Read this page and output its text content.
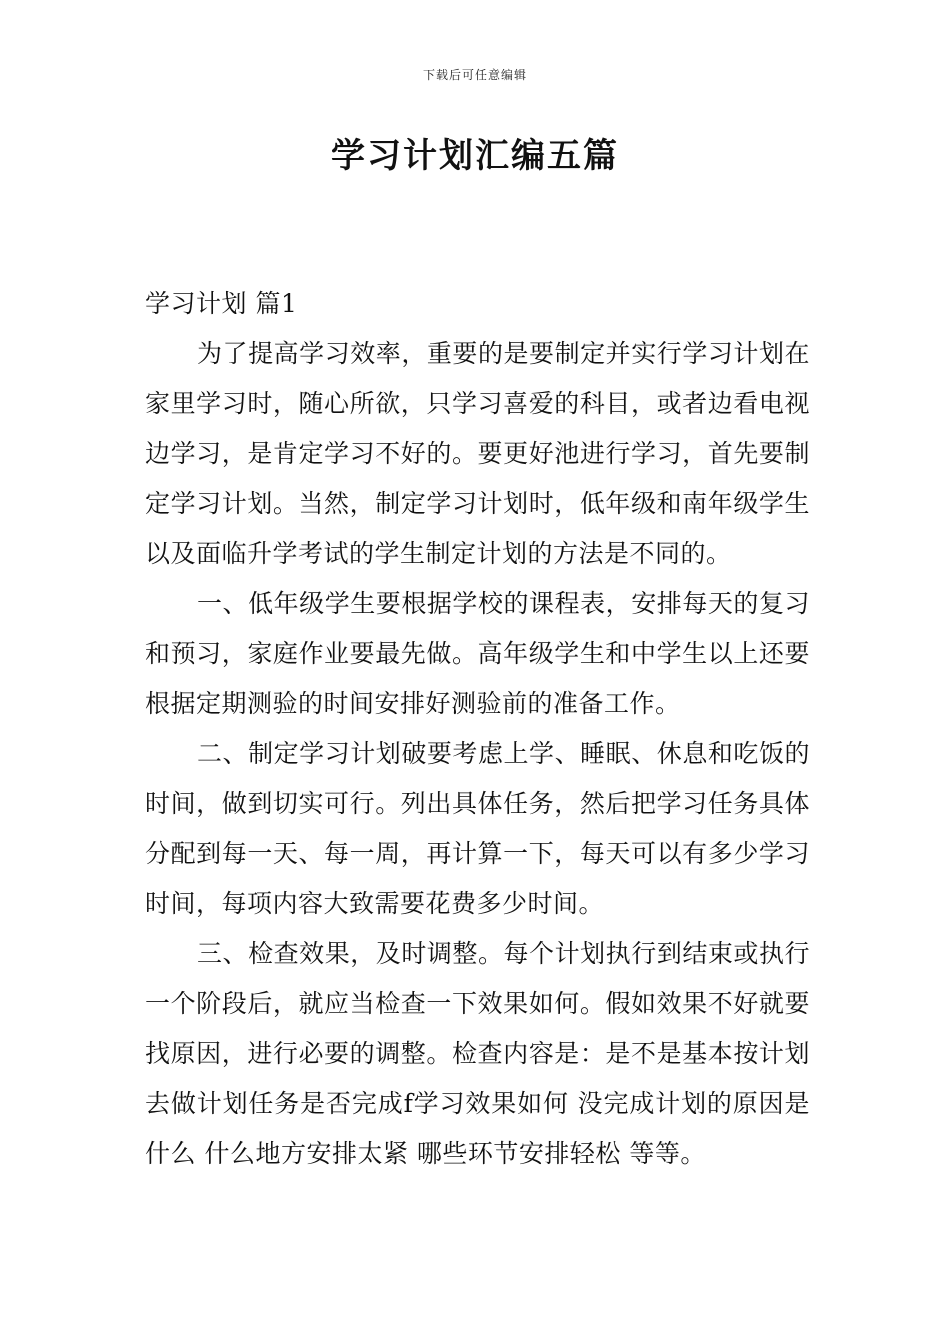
下载后可任意编辑
学习计划汇编五篇

学习计划 篇1

为了提高学习效率，重要的是要制定并实行学习计划在家里学习时，随心所欲，只学习喜爱的科目，或者边看电视边学习，是肯定学习不好的。要更好池进行学习，首先要制定学习计划。当然，制定学习计划时，低年级和南年级学生以及面临升学考试的学生制定计划的方法是不同的。

一、低年级学生要根据学校的课程表，安排每天的复习和预习，家庭作业要最先做。高年级学生和中学生以上还要根据定期测验的时间安排好测验前的准备工作。

二、制定学习计划破要考虑上学、睡眠、休息和吃饭的时间，做到切实可行。列出具体任务，然后把学习任务具体分配到每一天、每一周，再计算一下，每天可以有多少学习时间，每项内容大致需要花费多少时间。

三、检查效果，及时调整。每个计划执行到结束或执行一个阶段后，就应当检查一下效果如何。假如效果不好就要找原因，进行必要的调整。检查内容是：是不是基本按计划去做计划任务是否完成f学习效果如何 没完成计划的原因是什么 什么地方安排太紧 哪些环节安排轻松 等等。
